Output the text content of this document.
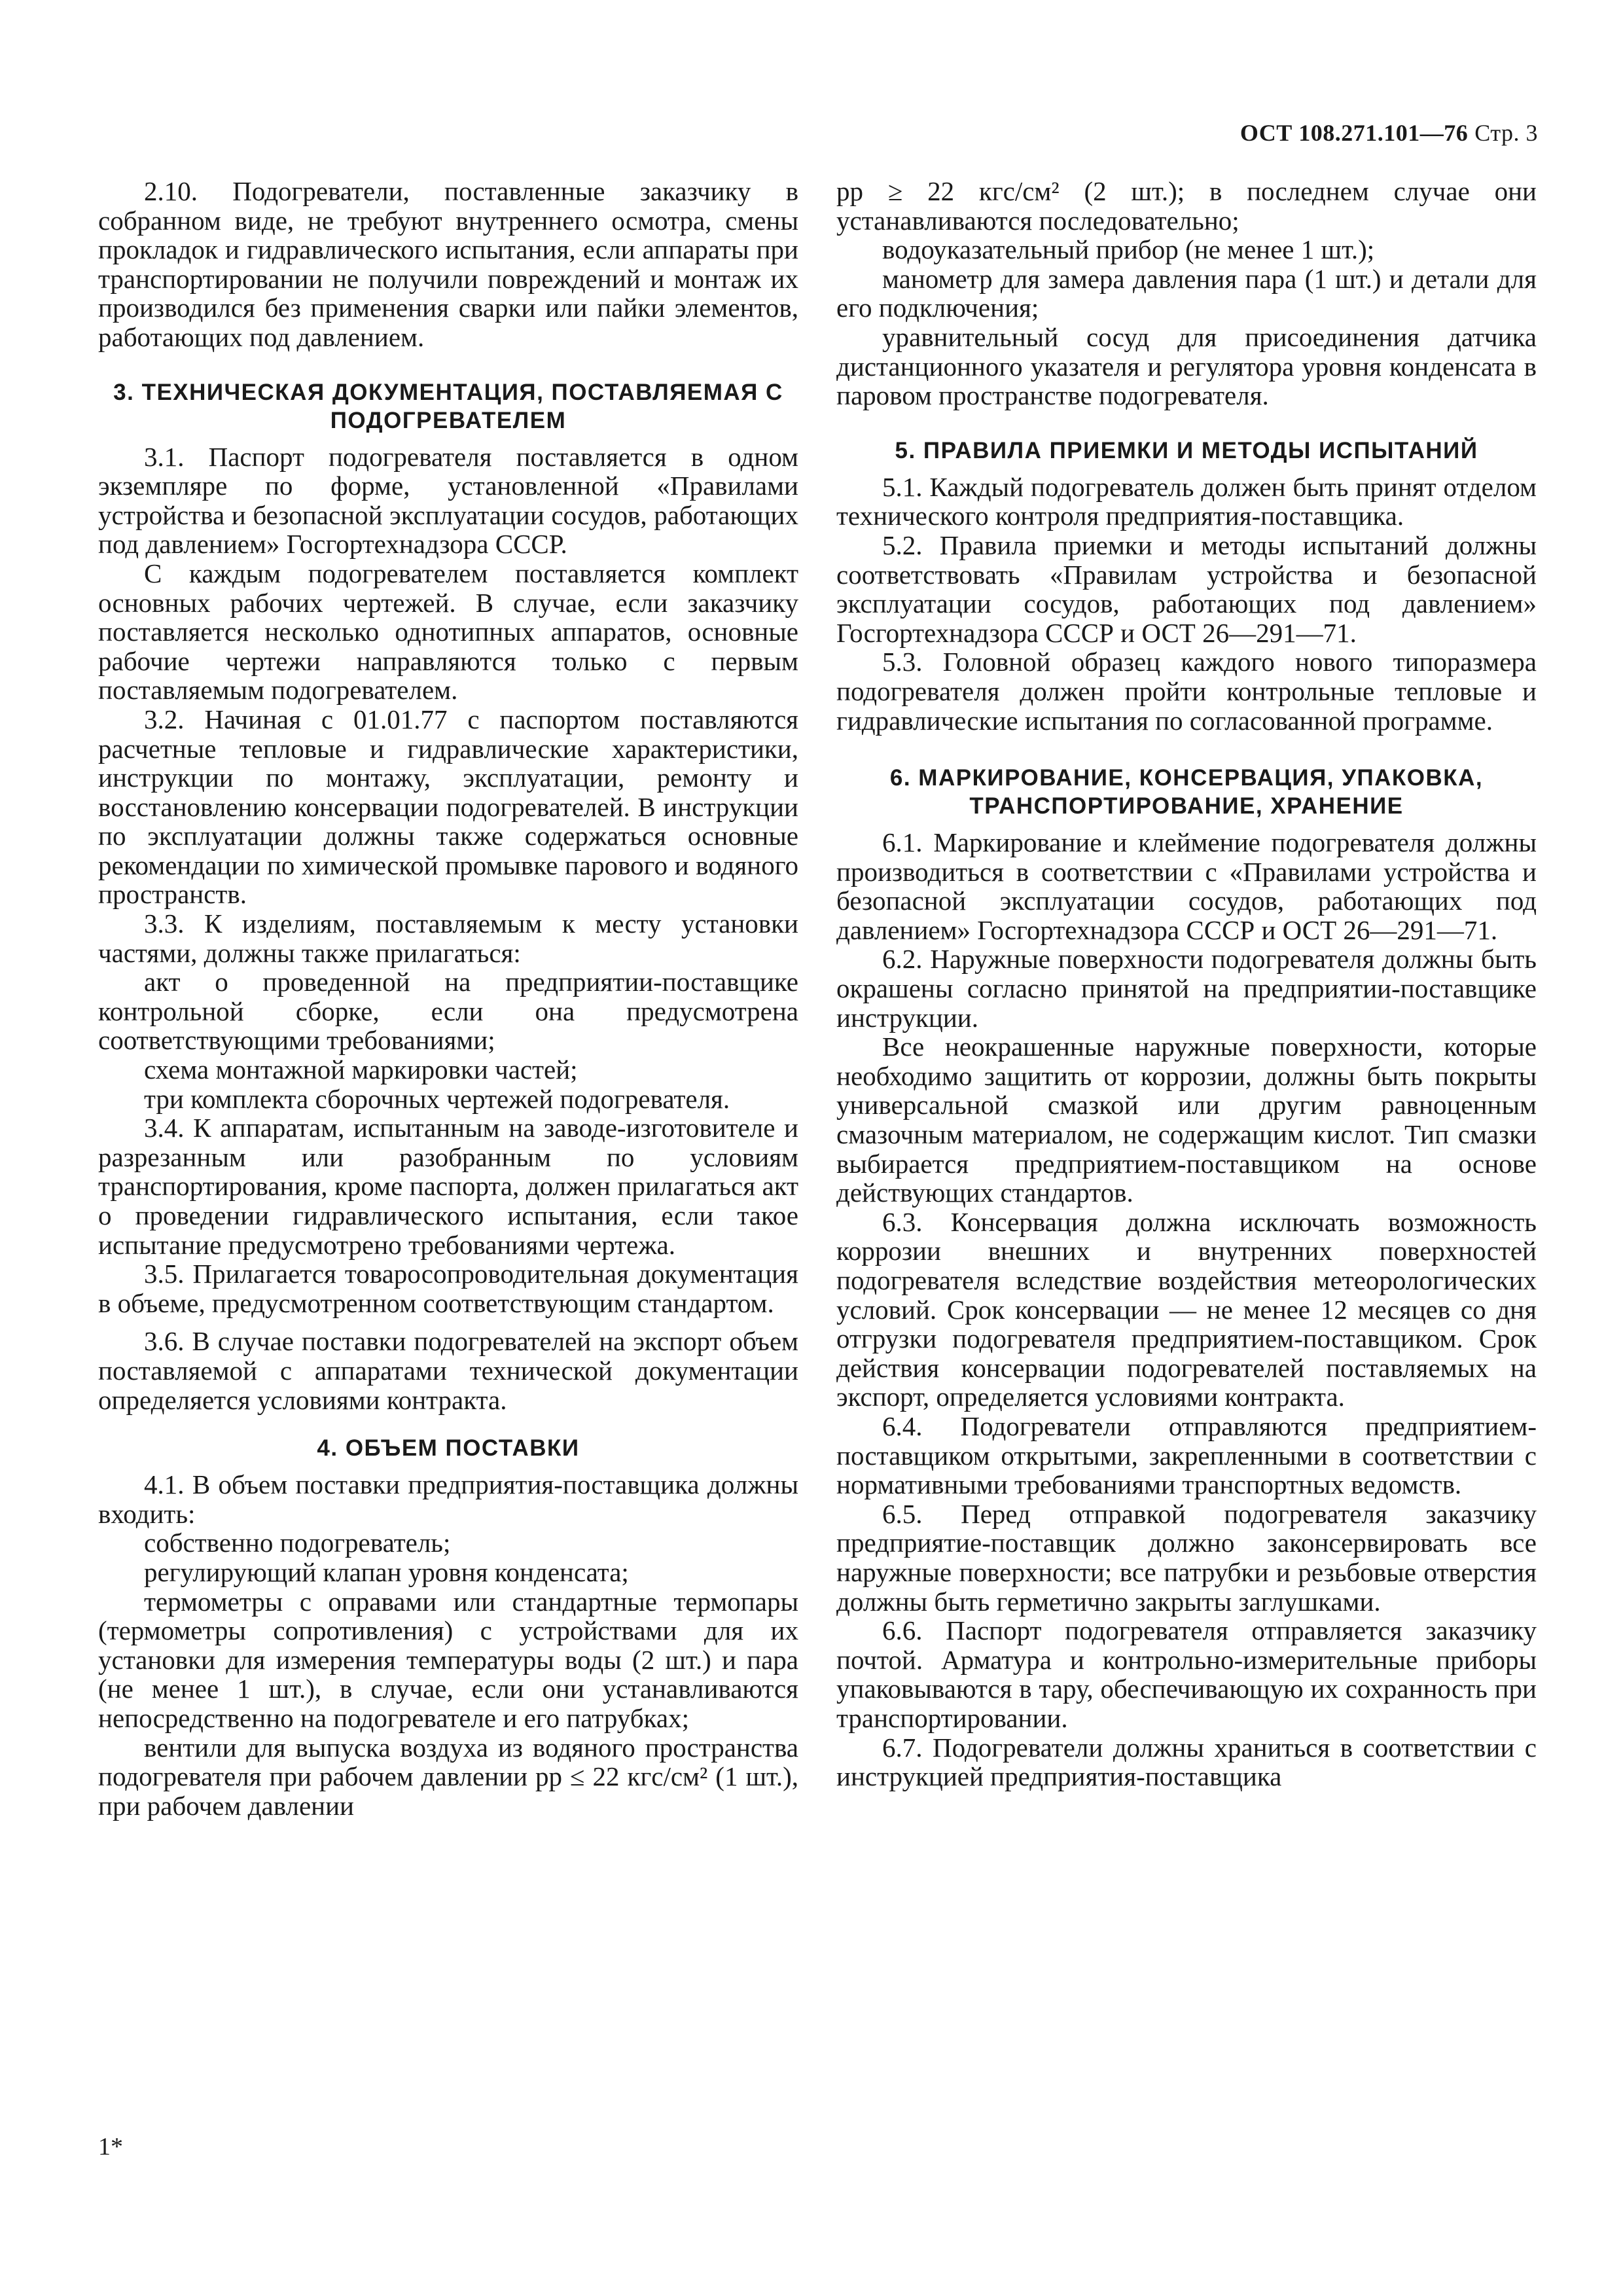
ОСТ 108.271.101—76 Стр. 3

2.10. Подогреватели, поставленные заказчику в собранном виде, не требуют внутреннего осмотра, смены прокладок и гидравлического испытания, если аппараты при транспортировании не получили повреждений и монтаж их производился без применения сварки или пайки элементов, работающих под давлением.

3. ТЕХНИЧЕСКАЯ ДОКУМЕНТАЦИЯ, ПОСТАВЛЯЕМАЯ С ПОДОГРЕВАТЕЛЕМ

3.1. Паспорт подогревателя поставляется в одном экземпляре по форме, установленной «Правилами устройства и безопасной эксплуатации сосудов, работающих под давлением» Госгортехнадзора СССР.

С каждым подогревателем поставляется комплект основных рабочих чертежей. В случае, если заказчику поставляется несколько однотипных аппаратов, основные рабочие чертежи направляются только с первым поставляемым подогревателем.

3.2. Начиная с 01.01.77 с паспортом поставляются расчетные тепловые и гидравлические характеристики, инструкции по монтажу, эксплуатации, ремонту и восстановлению консервации подогревателей. В инструкции по эксплуатации должны также содержаться основные рекомендации по химической промывке парового и водяного пространств.

3.3. К изделиям, поставляемым к месту установки частями, должны также прилагаться:

акт о проведенной на предприятии-поставщике контрольной сборке, если она предусмотрена соответствующими требованиями;

схема монтажной маркировки частей;

три комплекта сборочных чертежей подогревателя.

3.4. К аппаратам, испытанным на заводе-изготовителе и разрезанным или разобранным по условиям транспортирования, кроме паспорта, должен прилагаться акт о проведении гидравлического испытания, если такое испытание предусмотрено требованиями чертежа.

3.5. Прилагается товаросопроводительная документация в объеме, предусмотренном соответствующим стандартом.

3.6. В случае поставки подогревателей на экспорт объем поставляемой с аппаратами технической документации определяется условиями контракта.

4. ОБЪЕМ ПОСТАВКИ

4.1. В объем поставки предприятия-поставщика должны входить:

собственно подогреватель;

регулирующий клапан уровня конденсата;

термометры с оправами или стандартные термопары (термометры сопротивления) с устройствами для их установки для измерения температуры воды (2 шт.) и пара (не менее 1 шт.), в случае, если они устанавливаются непосредственно на подогревателе и его патрубках;

вентили для выпуска воздуха из водяного пространства подогревателя при рабочем давлении pр ≤ 22 кгс/см² (1 шт.), при рабочем давлении

pр ≥ 22 кгс/см² (2 шт.); в последнем случае они устанавливаются последовательно;

водоуказательный прибор (не менее 1 шт.);

манометр для замера давления пара (1 шт.) и детали для его подключения;

уравнительный сосуд для присоединения датчика дистанционного указателя и регулятора уровня конденсата в паровом пространстве подогревателя.

5. ПРАВИЛА ПРИЕМКИ И МЕТОДЫ ИСПЫТАНИЙ

5.1. Каждый подогреватель должен быть принят отделом технического контроля предприятия-поставщика.

5.2. Правила приемки и методы испытаний должны соответствовать «Правилам устройства и безопасной эксплуатации сосудов, работающих под давлением» Госгортехнадзора СССР и ОСТ 26—291—71.

5.3. Головной образец каждого нового типоразмера подогревателя должен пройти контрольные тепловые и гидравлические испытания по согласованной программе.

6. МАРКИРОВАНИЕ, КОНСЕРВАЦИЯ, УПАКОВКА, ТРАНСПОРТИРОВАНИЕ, ХРАНЕНИЕ

6.1. Маркирование и клеймение подогревателя должны производиться в соответствии с «Правилами устройства и безопасной эксплуатации сосудов, работающих под давлением» Госгортехнадзора СССР и ОСТ 26—291—71.

6.2. Наружные поверхности подогревателя должны быть окрашены согласно принятой на предприятии-поставщике инструкции.

Все неокрашенные наружные поверхности, которые необходимо защитить от коррозии, должны быть покрыты универсальной смазкой или другим равноценным смазочным материалом, не содержащим кислот. Тип смазки выбирается предприятием-поставщиком на основе действующих стандартов.

6.3. Консервация должна исключать возможность коррозии внешних и внутренних поверхностей подогревателя вследствие воздействия метеорологических условий. Срок консервации — не менее 12 месяцев со дня отгрузки подогревателя предприятием-поставщиком. Срок действия консервации подогревателей поставляемых на экспорт, определяется условиями контракта.

6.4. Подогреватели отправляются предприятием-поставщиком открытыми, закрепленными в соответствии с нормативными требованиями транспортных ведомств.

6.5. Перед отправкой подогревателя заказчику предприятие-поставщик должно законсервировать все наружные поверхности; все патрубки и резьбовые отверстия должны быть герметично закрыты заглушками.

6.6. Паспорт подогревателя отправляется заказчику почтой. Арматура и контрольно-измерительные приборы упаковываются в тару, обеспечивающую их сохранность при транспортировании.

6.7. Подогреватели должны храниться в соответствии с инструкцией предприятия-поставщика

1*
